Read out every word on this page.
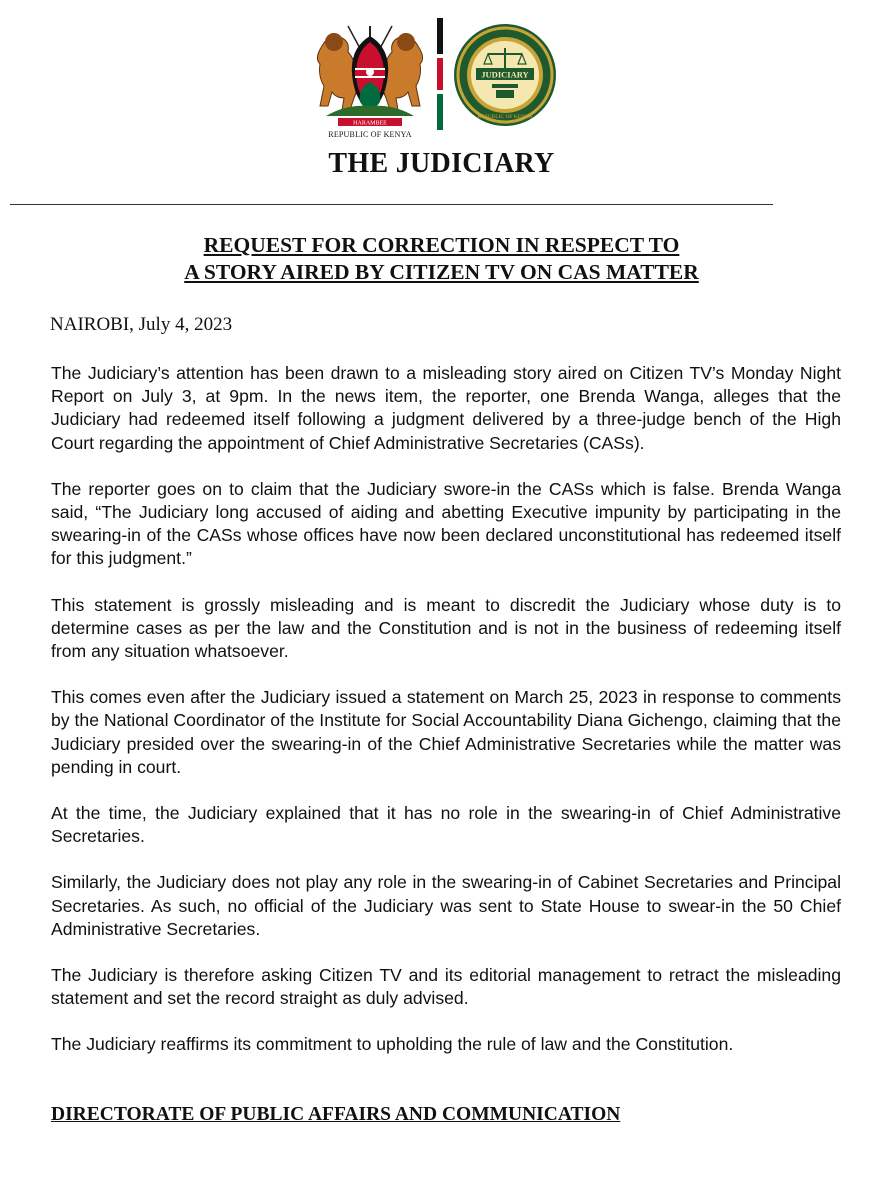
HARAMBEE
REPUBLIC OF KENYA
JUDICIARY
REPUBLIC OF KENYA
THE JUDICIARY
REQUEST FOR CORRECTION IN RESPECT TO
A STORY AIRED BY CITIZEN TV ON CAS MATTER
NAIROBI, July 4, 2023

The Judiciary’s attention has been drawn to a misleading story aired on Citizen TV’s Monday Night Report on July 3, at 9pm. In the news item, the reporter, one Brenda Wanga, alleges that the Judiciary had redeemed itself following a judgment delivered by a three-judge bench of the High Court regarding the appointment of Chief Administrative Secretaries (CASs).

The reporter goes on to claim that the Judiciary swore-in the CASs which is false. Brenda Wanga said, “The Judiciary long accused of aiding and abetting Executive impunity by participating in the swearing-in of the CASs whose offices have now been declared unconstitutional has redeemed itself for this judgment.”

This statement is grossly misleading and is meant to discredit the Judiciary whose duty is to determine cases as per the law and the Constitution and is not in the business of redeeming itself from any situation whatsoever.

This comes even after the Judiciary issued a statement on March 25, 2023 in response to comments by the National Coordinator of the Institute for Social Accountability Diana Gichengo, claiming that the Judiciary presided over the swearing-in of the Chief Administrative Secretaries while the matter was pending in court.

At the time, the Judiciary explained that it has no role in the swearing-in of Chief Administrative Secretaries.

Similarly, the Judiciary does not play any role in the swearing-in of Cabinet Secretaries and Principal Secretaries. As such, no official of the Judiciary was sent to State House to swear-in the 50 Chief Administrative Secretaries.

The Judiciary is therefore asking Citizen TV and its editorial management to retract the misleading statement and set the record straight as duly advised.

The Judiciary reaffirms its commitment to upholding the rule of law and the Constitution.

DIRECTORATE OF PUBLIC AFFAIRS AND COMMUNICATION
